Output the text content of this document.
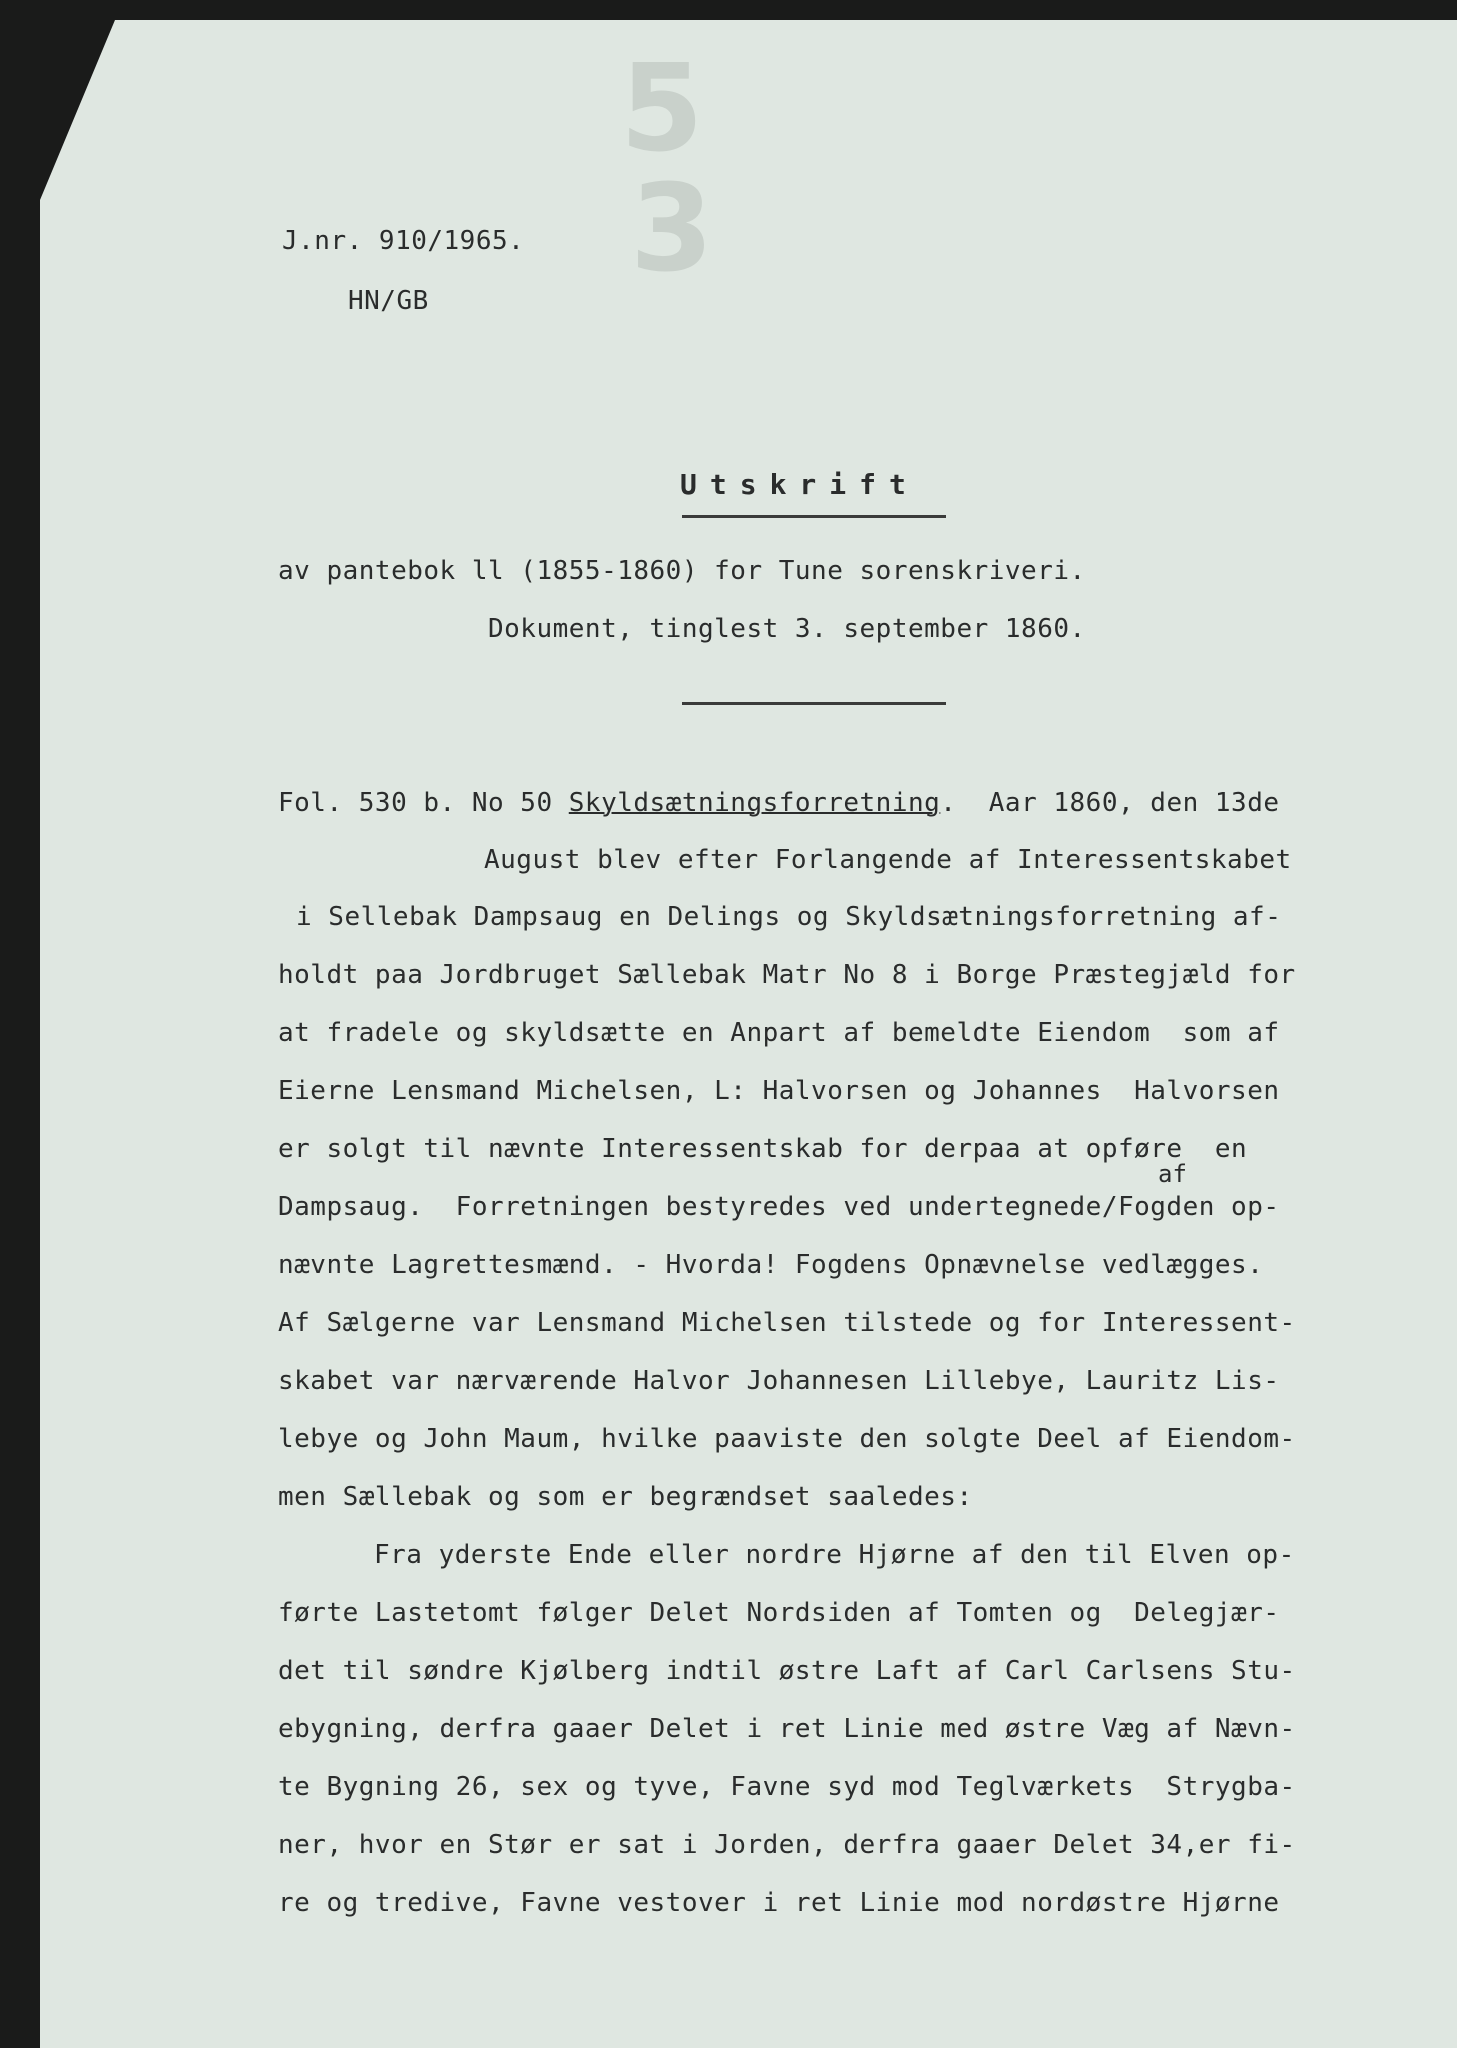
5
3
J.nr. 910/1965.
HN/GB
Utskrift
av pantebok ll (1855-1860) for Tune sorenskriveri.
Dokument, tinglest 3. september 1860.
Fol. 530 b. No 50 Skyldsætningsforretning.  Aar 1860, den 13de
August blev efter Forlangende af Interessentskabet
i Sellebak Dampsaug en Delings og Skyldsætningsforretning af-
holdt paa Jordbruget Sællebak Matr No 8 i Borge Præstegjæld for
at fradele og skyldsætte en Anpart af bemeldte Eiendom  som af
Eierne Lensmand Michelsen, L: Halvorsen og Johannes  Halvorsen
er solgt til nævnte Interessentskab for derpaa at opføre  en
af
Dampsaug.  Forretningen bestyredes ved undertegnede/Fogden op-
nævnte Lagrettesmænd. - Hvorda! Fogdens Opnævnelse vedlægges.
Af Sælgerne var Lensmand Michelsen tilstede og for Interessent-
skabet var nærværende Halvor Johannesen Lillebye, Lauritz Lis-
lebye og John Maum, hvilke paaviste den solgte Deel af Eiendom-
men Sællebak og som er begrændset saaledes:
Fra yderste Ende eller nordre Hjørne af den til Elven op-
førte Lastetomt følger Delet Nordsiden af Tomten og  Delegjær-
det til søndre Kjølberg indtil østre Laft af Carl Carlsens Stu-
ebygning, derfra gaaer Delet i ret Linie med østre Væg af Nævn-
te Bygning 26, sex og tyve, Favne syd mod Teglværkets  Strygba-
ner, hvor en Stør er sat i Jorden, derfra gaaer Delet 34,er fi-
re og tredive, Favne vestover i ret Linie mod nordøstre Hjørne
